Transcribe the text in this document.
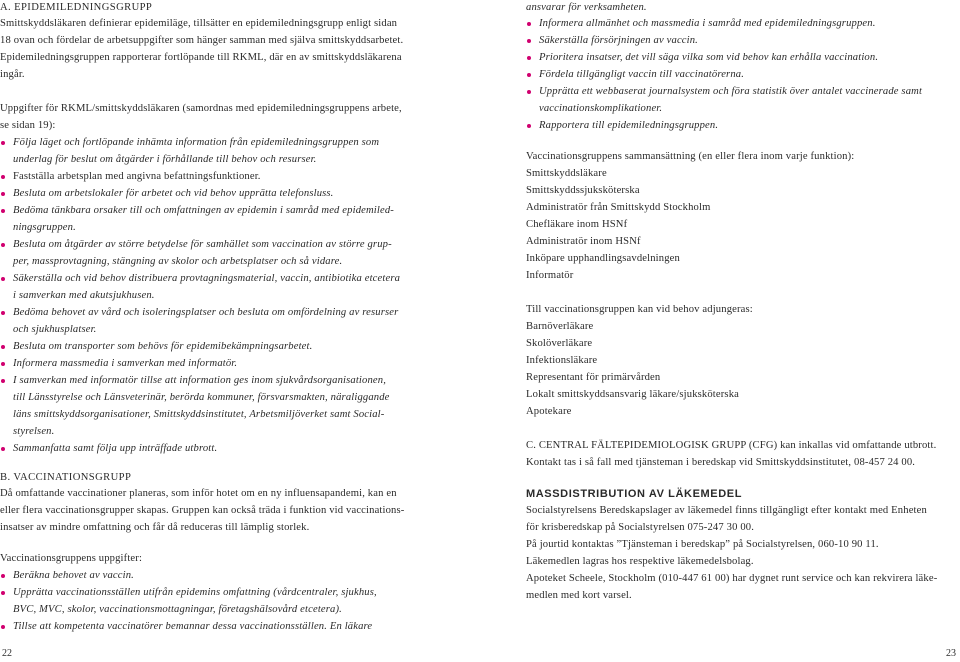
A. EPIDEMILEDNINGSGRUPP
Smittskyddsläkaren definierar epidemiläge, tillsätter en epidemiledningsgrupp enligt sidan
18 ovan och fördelar de arbetsuppgifter som hänger samman med själva smittskyddsarbetet.
Epidemiledningsgruppen rapporterar fortlöpande till RKML, där en av smittskyddsläkarena
ingår.
Uppgifter för RKML/smittskyddsläkaren (samordnas med epidemiledningsgruppens arbete,
se sidan 19):
Följa läget och fortlöpande inhämta information från epidemiledningsgruppen som
underlag för beslut om åtgärder i förhållande till behov och resurser.
Fastställa arbetsplan med angivna befattningsfunktioner.
Besluta om arbetslokaler för arbetet och vid behov upprätta telefonsluss.
Bedöma tänkbara orsaker till och omfattningen av epidemin i samråd med epidemiled-
ningsgruppen.
Besluta om åtgärder av större betydelse för samhället som vaccination av större grup-
per, massprovtagning, stängning av skolor och arbetsplatser och så vidare.
Säkerställa och vid behov distribuera provtagningsmaterial, vaccin, antibiotika etcetera
i samverkan med akutsjukhusen.
Bedöma behovet av vård och isoleringsplatser och besluta om omfördelning av resurser
och sjukhusplatser.
Besluta om transporter som behövs för epidemibekämpningsarbetet.
Informera massmedia i samverkan med informatör.
I samverkan med informatör tillse att information ges inom sjukvårdsorganisationen,
till Länsstyrelse och Länsveterinär, berörda kommuner, försvarsmakten, näraliggande
läns smittskyddsorganisationer, Smittskyddsinstitutet, Arbetsmiljöverket samt Social-
styrelsen.
Sammanfatta samt följa upp inträffade utbrott.
B. VACCINATIONSGRUPP
Då omfattande vaccinationer planeras, som inför hotet om en ny influensapandemi, kan en
eller flera vaccinationsgrupper skapas. Gruppen kan också träda i funktion vid vaccinations-
insatser av mindre omfattning och får då reduceras till lämplig storlek.
Vaccinationsgruppens uppgifter:
Beräkna behovet av vaccin.
Upprätta vaccinationsställen utifrån epidemins omfattning (vårdcentraler, sjukhus,
BVC, MVC, skolor, vaccinationsmottagningar, företagshälsovård etcetera).
Tillse att kompetenta vaccinatörer bemannar dessa vaccinationsställen. En läkare
ansvarar för verksamheten.
Informera allmänhet och massmedia i samråd med epidemiledningsgruppen.
Säkerställa försörjningen av vaccin.
Prioritera insatser, det vill säga vilka som vid behov kan erhålla vaccination.
Fördela tillgängligt vaccin till vaccinatörerna.
Upprätta ett webbaserat journalsystem och föra statistik över antalet vaccinerade samt
vaccinationskomplikationer.
Rapportera till epidemiledningsgruppen.
Vaccinationsgruppens sammansättning (en eller flera inom varje funktion):
Smittskyddsläkare
Smittskyddssjuksköterska
Administratör från Smittskydd Stockholm
Chefläkare inom HSNf
Administratör inom HSNf
Inköpare upphandlingsavdelningen
Informatör
Till vaccinationsgruppen kan vid behov adjungeras:
Barnöverläkare
Skolöverläkare
Infektionsläkare
Representant för primärvården
Lokalt smittskyddsansvarig läkare/sjuksköterska
Apotekare
C. CENTRAL FÄLTEPIDEMIOLOGISK GRUPP (CFG) kan inkallas vid omfattande utbrott.
Kontakt tas i så fall med tjänsteman i beredskap vid Smittskyddsinstitutet, 08-457 24 00.
MASSDISTRIBUTION AV LÄKEMEDEL
Socialstyrelsens Beredskapslager av läkemedel finns tillgängligt efter kontakt med Enheten
för krisberedskap på Socialstyrelsen 075-247 30 00.
På jourtid kontaktas ”Tjänsteman i beredskap” på Socialstyrelsen, 060-10 90 11.
Läkemedlen lagras hos respektive läkemedelsbolag.
Apoteket Scheele, Stockholm (010-447 61 00) har dygnet runt service och kan rekvirera läke-
medlen med kort varsel.
22	23
